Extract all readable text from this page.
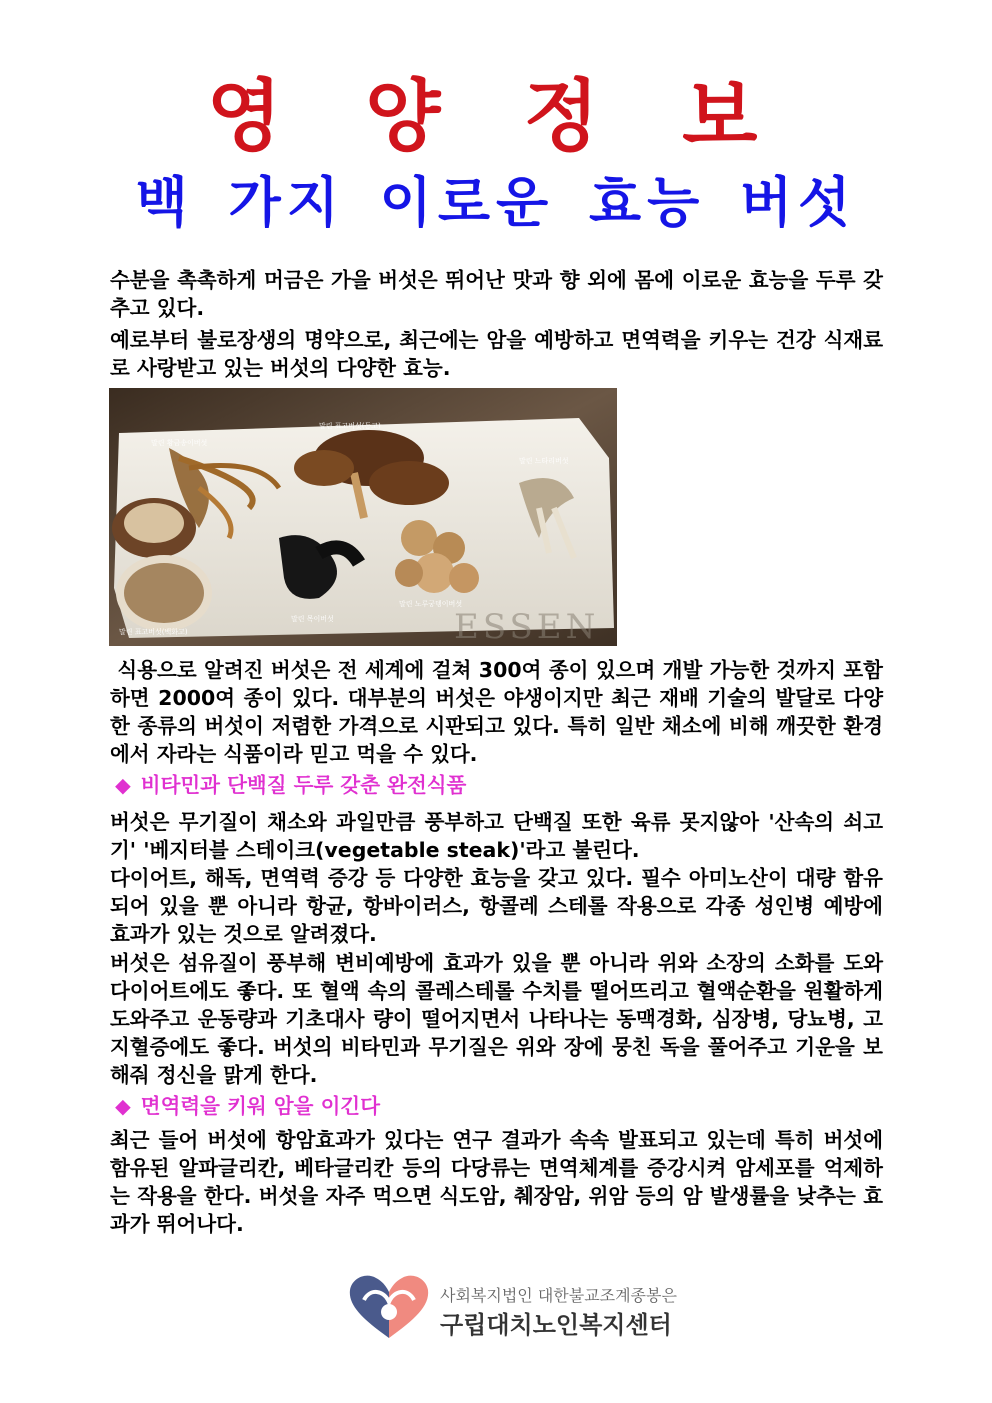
영 양 정 보
백 가지 이로운 효능 버섯

수분을 촉촉하게 머금은 가을 버섯은 뛰어난 맛과 향 외에 몸에 이로운 효능을 두루 갖추고 있다.

예로부터 불로장생의 명약으로, 최근에는 암을 예방하고 면역력을 키우는 건강 식재료로 사랑받고 있는 버섯의 다양한 효능.

말린 황금송이버섯
말린 표고버섯(동고)
말린 느타리버섯
말린 표고버섯(백화고)
말린 목이버섯
말린 노루궁뎅이버섯
ESSEN

식용으로 알려진 버섯은 전 세계에 걸쳐 300여 종이 있으며 개발 가능한 것까지 포함하면 2000여 종이 있다. 대부분의 버섯은 야생이지만 최근 재배 기술의 발달로 다양한 종류의 버섯이 저렴한 가격으로 시판되고 있다. 특히 일반 채소에 비해 깨끗한 환경에서 자라는 식품이라 믿고 먹을 수 있다.

◆ 비타민과 단백질 두루 갖춘 완전식품

버섯은 무기질이 채소와 과일만큼 풍부하고 단백질 또한 육류 못지않아 '산속의 쇠고기' '베지터블 스테이크(vegetable steak)'라고 불린다.

다이어트, 해독, 면역력 증강 등 다양한 효능을 갖고 있다. 필수 아미노산이 대량 함유되어 있을 뿐 아니라 항균, 항바이러스, 항콜레 스테롤 작용으로 각종 성인병 예방에 효과가 있는 것으로 알려졌다.

버섯은 섬유질이 풍부해 변비예방에 효과가 있을 뿐 아니라 위와 소장의 소화를 도와 다이어트에도 좋다. 또 혈액 속의 콜레스테롤 수치를 떨어뜨리고 혈액순환을 원활하게 도와주고 운동량과 기초대사 량이 떨어지면서 나타나는 동맥경화, 심장병, 당뇨병, 고지혈증에도 좋다. 버섯의 비타민과 무기질은 위와 장에 뭉친 독을 풀어주고 기운을 보해줘 정신을 맑게 한다.

◆ 면역력을 키워 암을 이긴다

최근 들어 버섯에 항암효과가 있다는 연구 결과가 속속 발표되고 있는데 특히 버섯에 함유된 알파글리칸, 베타글리칸 등의 다당류는 면역체계를 증강시켜 암세포를 억제하는 작용을 한다. 버섯을 자주 먹으면 식도암, 췌장암, 위암 등의 암 발생률을 낮추는 효과가 뛰어나다.

사회복지법인 대한불교조계종봉은
구립대치노인복지센터
